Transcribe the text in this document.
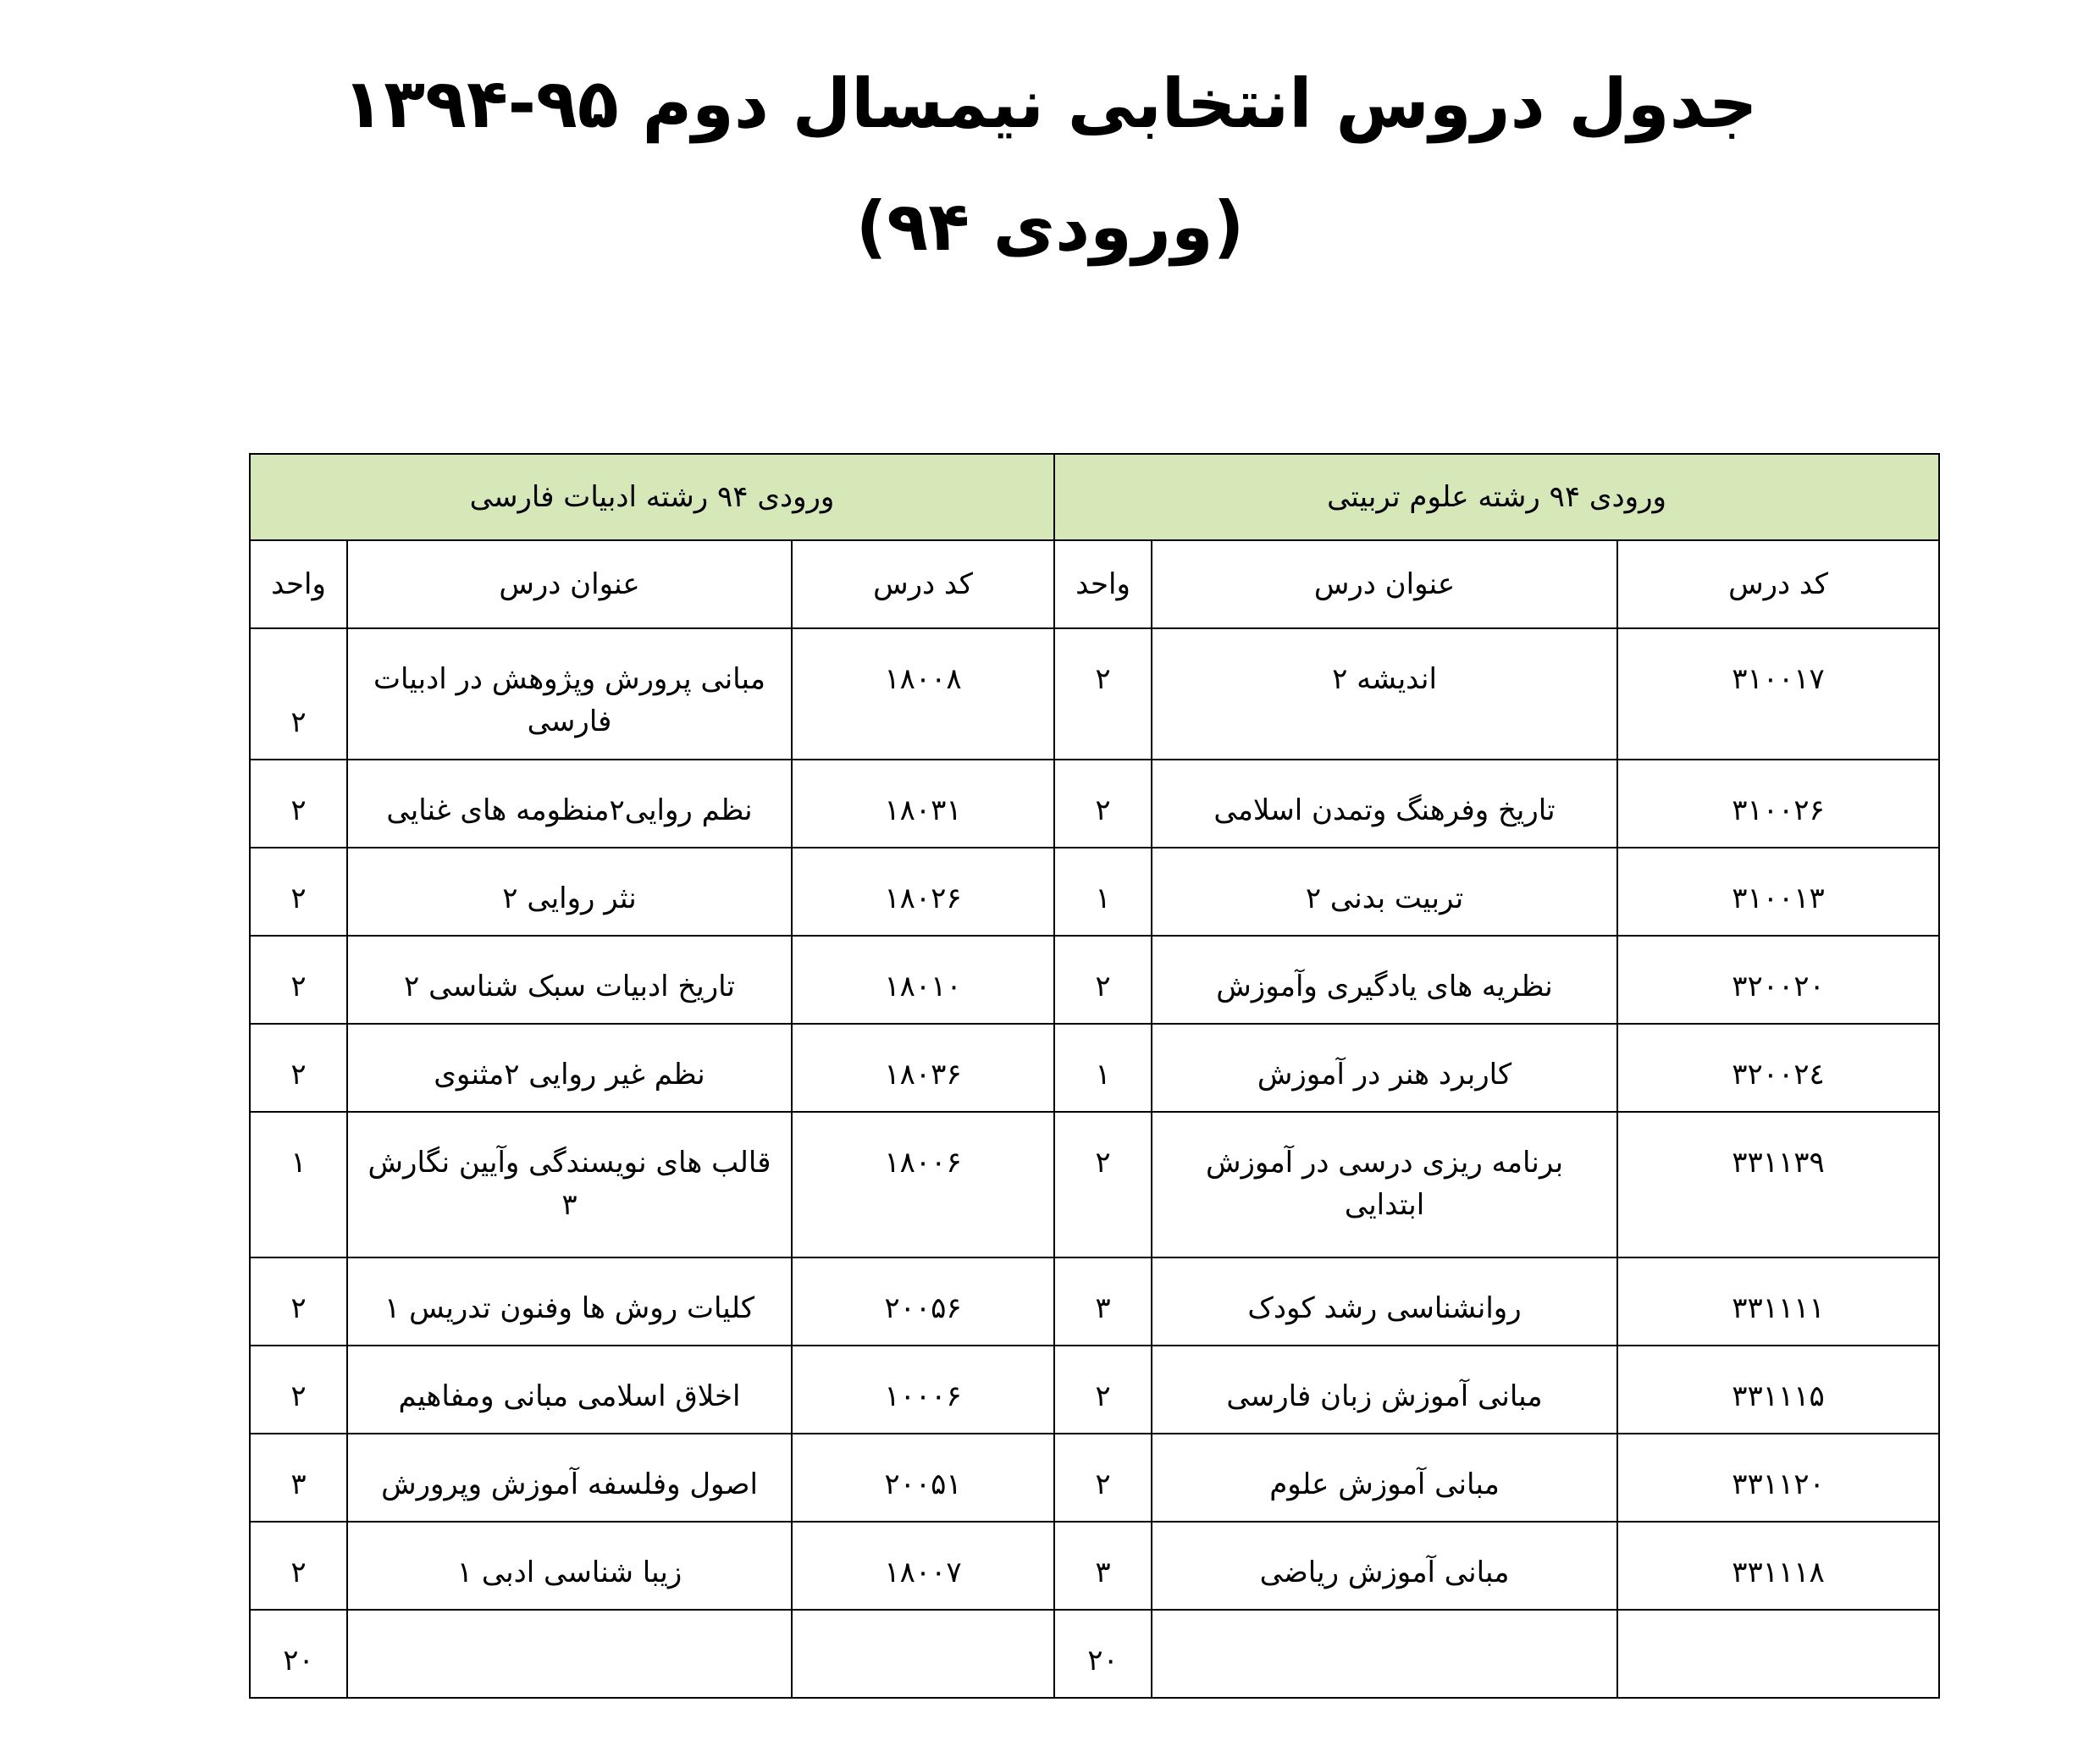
جدول دروس انتخابی نیمسال دوم ۹۵-۱۳۹۴
(ورودی ۹۴)
ورودی ۹۴ رشته علوم تربیتی			ورودی ۹۴ رشته ادبیات فارسی		
کد درس	عنوان درس	واحد	کد درس	عنوان درس	واحد
۳۱۰۰۱۷	اندیشه ۲	۲	۱۸۰۰۸	مبانی پرورش وپژوهش در ادبیات فارسی	۲
۳۱۰۰۲۶	تاریخ وفرهنگ وتمدن اسلامی	۲	۱۸۰۳۱	نظم روایی۲منظومه های غنایی	۲
۳۱۰۰۱۳	تربیت بدنی ۲	۱	۱۸۰۲۶	نثر روایی ۲	۲
۳۲۰۰۲۰	نظریه های یادگیری وآموزش	۲	۱۸۰۱۰	تاریخ ادبیات سبک شناسی ۲	۲
۳۲۰۰۲٤	کاربرد هنر در آموزش	۱	۱۸۰۳۶	نظم غیر روایی ۲مثنوی	۲
۳۳۱۱۳۹	برنامه ریزی درسی در آموزش ابتدایی	۲	۱۸۰۰۶	قالب های نویسندگی وآیین نگارش ۳	۱
۳۳۱۱۱۱	روانشناسی رشد کودک	۳	۲۰۰۵۶	کلیات روش ها وفنون تدریس ۱	۲
۳۳۱۱۱۵	مبانی آموزش زبان فارسی	۲	۱۰۰۰۶	اخلاق اسلامی مبانی ومفاهیم	۲
۳۳۱۱۲۰	مبانی آموزش علوم	۲	۲۰۰۵۱	اصول وفلسفه آموزش وپرورش	۳
۳۳۱۱۱۸	مبانی آموزش ریاضی	۳	۱۸۰۰۷	زیبا شناسی ادبی ۱	۲
		۲۰			۲۰
